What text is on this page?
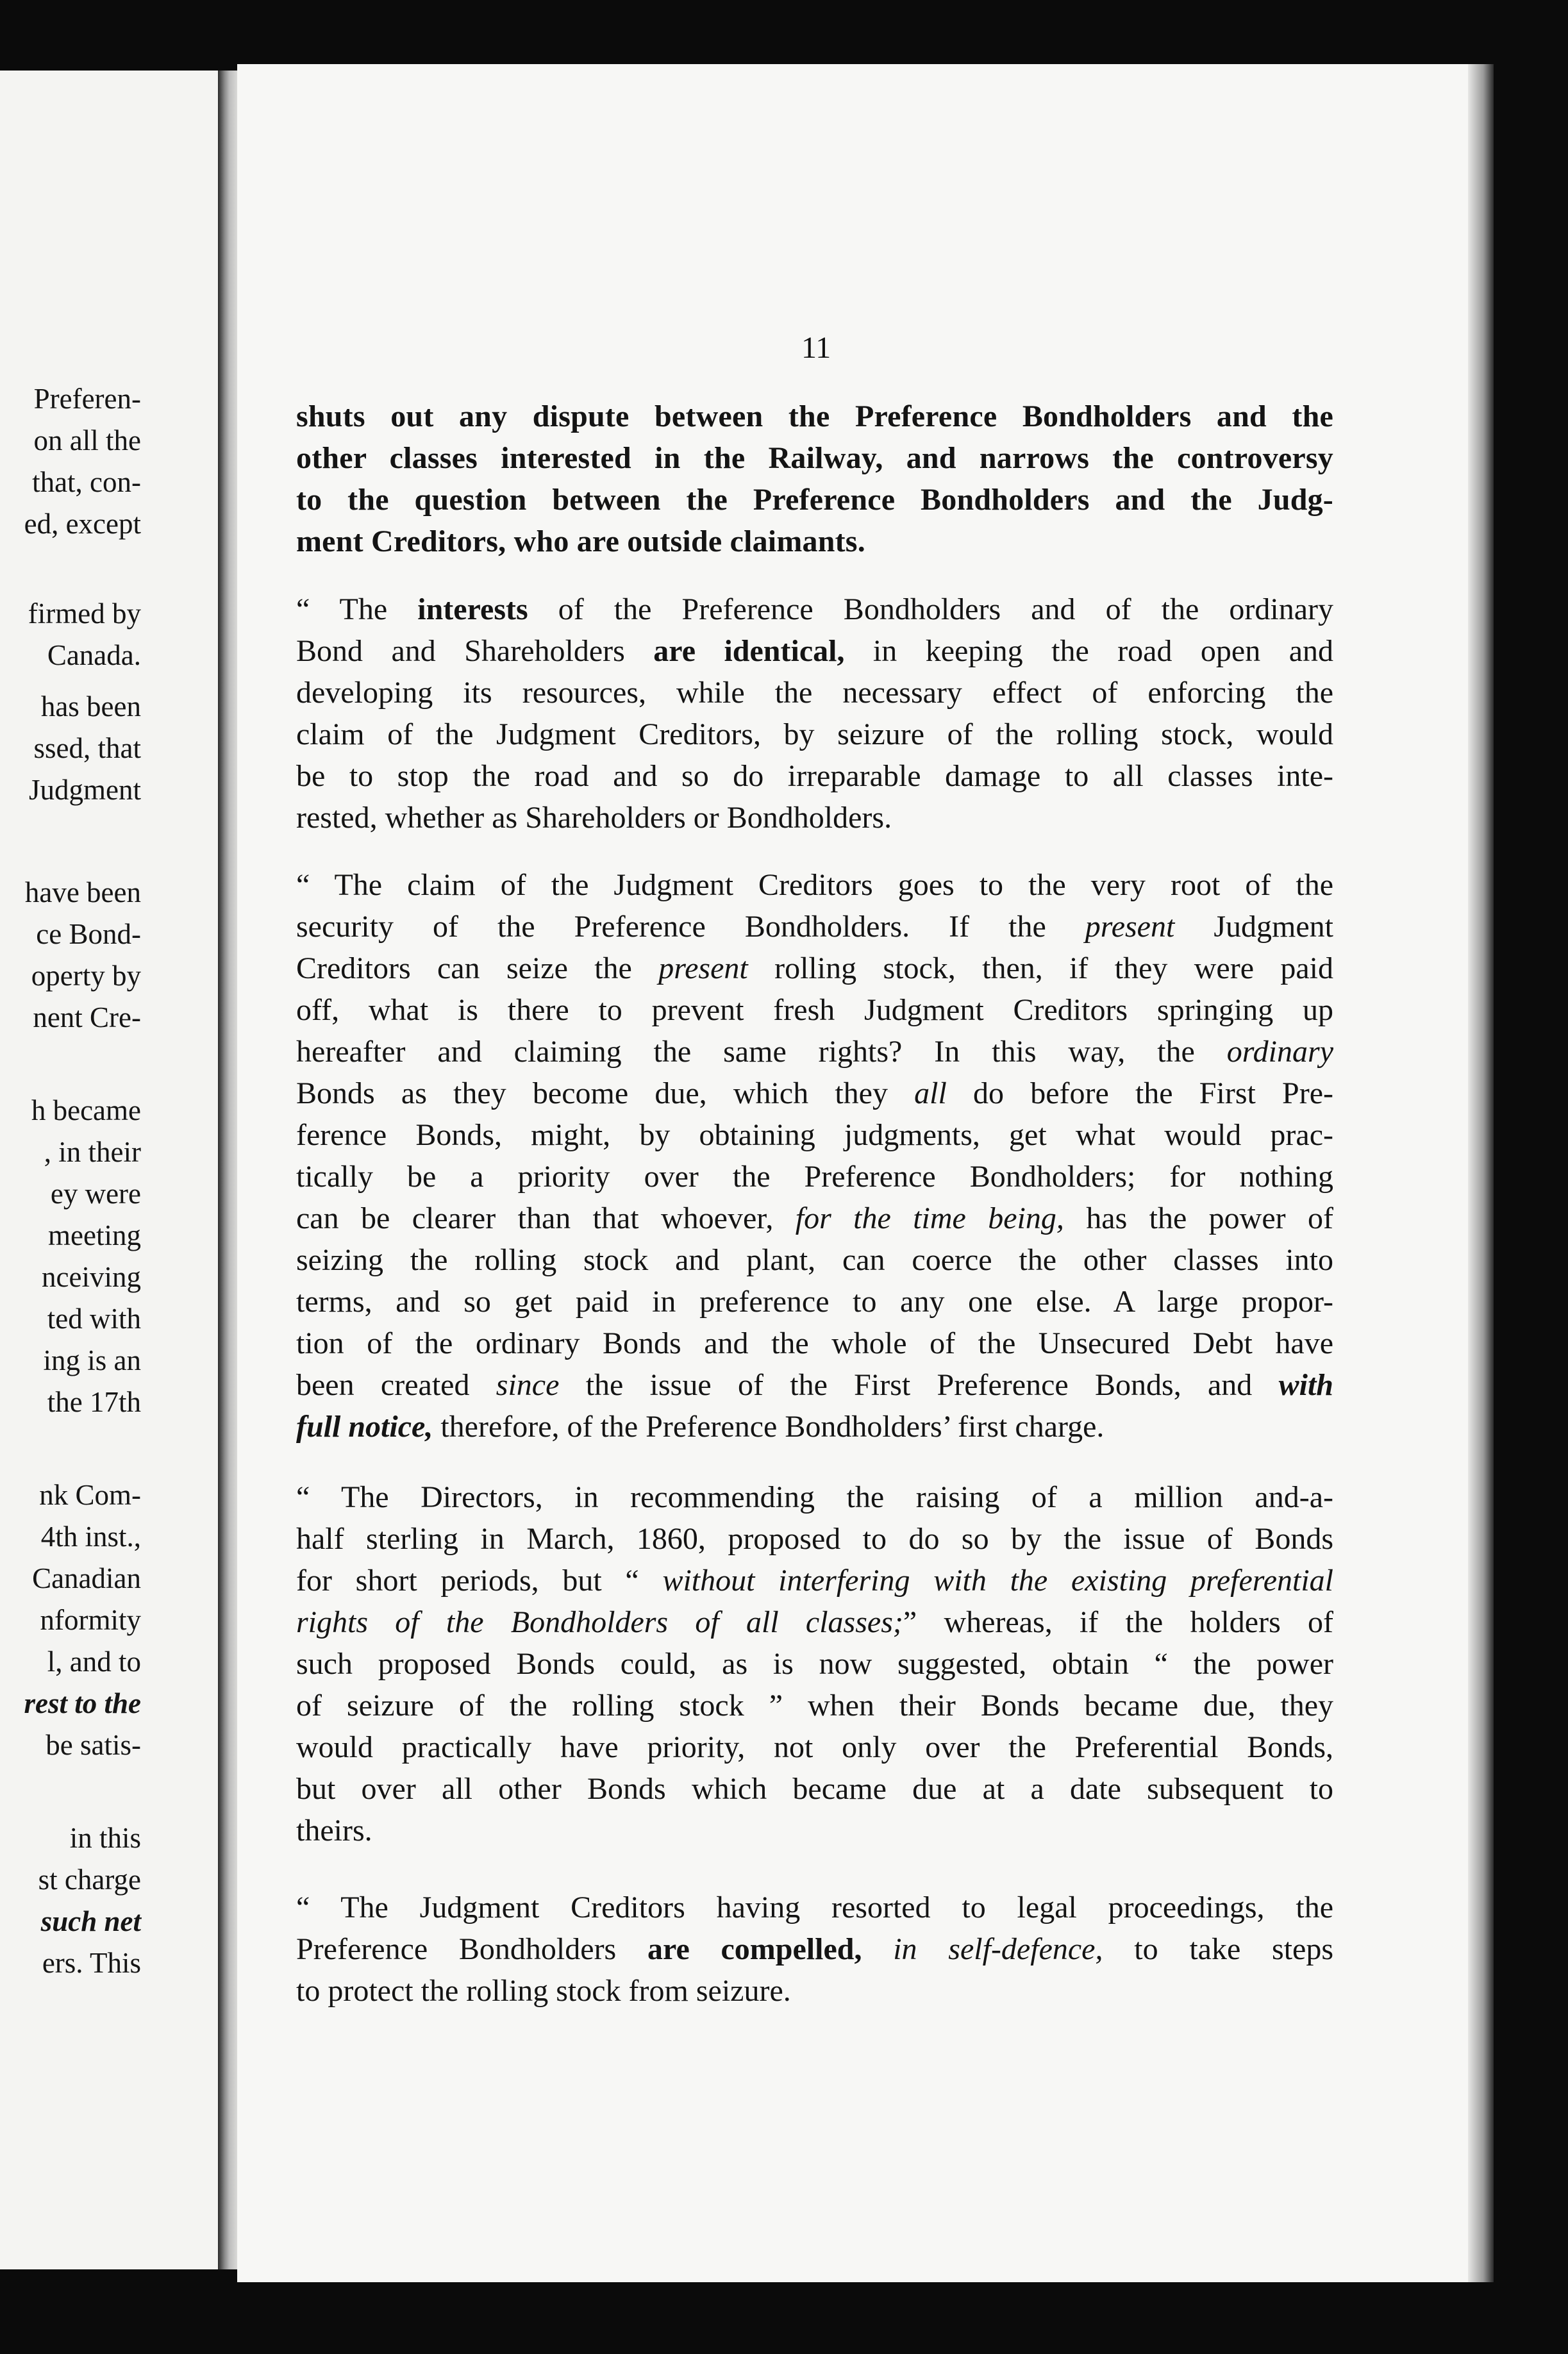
Preferen-
on all the
that, con-
ed, except
firmed by
Canada.
has been
ssed, that
Judgment
have been
ce Bond-
operty by
nent Cre-
h became
, in their
ey were
meeting
nceiving
ted with
ing is an
the 17th
nk Com-
4th inst.,
Canadian
nformity
l, and to
rest to the
be satis-
in this
st charge
such net
ers. This
11
shuts out any dispute between the Preference Bondholders and the
other classes interested in the Railway, and narrows the controversy
to the question between the Preference Bondholders and the Judg-
ment Creditors, who are outside claimants.
“ The interests of the Preference Bondholders and of the ordinary
Bond and Shareholders are identical, in keeping the road open and
developing its resources, while the necessary effect of enforcing the
claim of the Judgment Creditors, by seizure of the rolling stock, would
be to stop the road and so do irreparable damage to all classes inte-
rested, whether as Shareholders or Bondholders.
“ The claim of the Judgment Creditors goes to the very root of the
security of the Preference Bondholders. If the present Judgment
Creditors can seize the present rolling stock, then, if they were paid
off, what is there to prevent fresh Judgment Creditors springing up
hereafter and claiming the same rights? In this way, the ordinary
Bonds as they become due, which they all do before the First Pre-
ference Bonds, might, by obtaining judgments, get what would prac-
tically be a priority over the Preference Bondholders; for nothing
can be clearer than that whoever, for the time being, has the power of
seizing the rolling stock and plant, can coerce the other classes into
terms, and so get paid in preference to any one else. A large propor-
tion of the ordinary Bonds and the whole of the Unsecured Debt have
been created since the issue of the First Preference Bonds, and with
full notice, therefore, of the Preference Bondholders’ first charge.
“ The Directors, in recommending the raising of a million and-a-
half sterling in March, 1860, proposed to do so by the issue of Bonds
for short periods, but “ without interfering with the existing preferential
rights of the Bondholders of all classes;” whereas, if the holders of
such proposed Bonds could, as is now suggested, obtain “ the power
of seizure of the rolling stock ” when their Bonds became due, they
would practically have priority, not only over the Preferential Bonds,
but over all other Bonds which became due at a date subsequent to
theirs.
“ The Judgment Creditors having resorted to legal proceedings, the
Preference Bondholders are compelled, in self-defence, to take steps
to protect the rolling stock from seizure.
